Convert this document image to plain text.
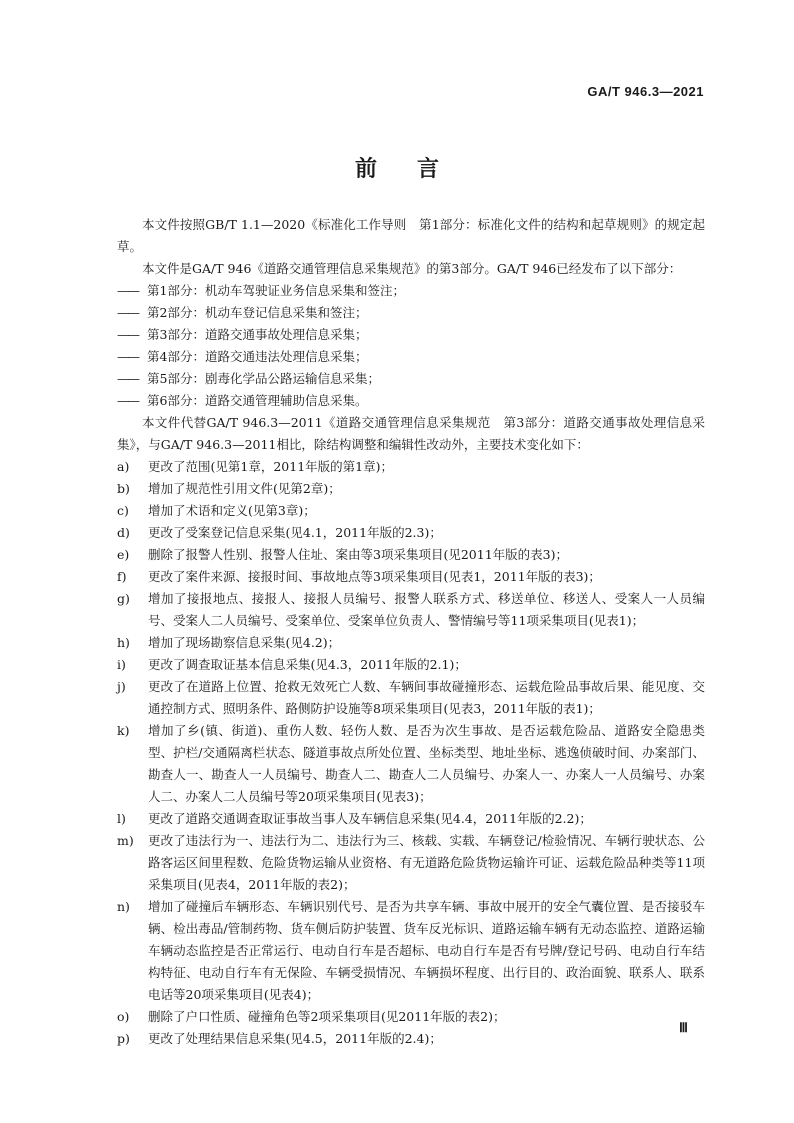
GA/T 946.3—2021
前言

本文件按照GB/T 1.1—2020《标准化工作导则　第1部分：标准化文件的结构和起草规则》的规定起草。

本文件是GA/T 946《道路交通管理信息采集规范》的第3部分。GA/T 946已经发布了以下部分：

—— 第1部分：机动车驾驶证业务信息采集和签注；

—— 第2部分：机动车登记信息采集和签注；

—— 第3部分：道路交通事故处理信息采集；

—— 第4部分：道路交通违法处理信息采集；

—— 第5部分：剧毒化学品公路运输信息采集；

—— 第6部分：道路交通管理辅助信息采集。

本文件代替GA/T 946.3—2011《道路交通管理信息采集规范　第3部分：道路交通事故处理信息采集》，与GA/T 946.3—2011相比，除结构调整和编辑性改动外，主要技术变化如下：

a)	更改了范围(见第1章，2011年版的第1章)；
b)	增加了规范性引用文件(见第2章)；
c)	增加了术语和定义(见第3章)；
d)	更改了受案登记信息采集(见4.1，2011年版的2.3)；
e)	删除了报警人性别、报警人住址、案由等3项采集项目(见2011年版的表3)；
f)	更改了案件来源、接报时间、事故地点等3项采集项目(见表1，2011年版的表3)；
g)	增加了接报地点、接报人、接报人员编号、报警人联系方式、移送单位、移送人、受案人一人员编号、受案人二人员编号、受案单位、受案单位负责人、警情编号等11项采集项目(见表1)；
h)	增加了现场勘察信息采集(见4.2)；
i)	更改了调查取证基本信息采集(见4.3，2011年版的2.1)；
j)	更改了在道路上位置、抢救无效死亡人数、车辆间事故碰撞形态、运载危险品事故后果、能见度、交通控制方式、照明条件、路侧防护设施等8项采集项目(见表3，2011年版的表1)；
k)	增加了乡(镇、街道)、重伤人数、轻伤人数、是否为次生事故、是否运载危险品、道路安全隐患类型、护栏/交通隔离栏状态、隧道事故点所处位置、坐标类型、地址坐标、逃逸侦破时间、办案部门、勘查人一、勘查人一人员编号、勘查人二、勘查人二人员编号、办案人一、办案人一人员编号、办案人二、办案人二人员编号等20项采集项目(见表3)；
l)	更改了道路交通调查取证事故当事人及车辆信息采集(见4.4，2011年版的2.2)；
m)	更改了违法行为一、违法行为二、违法行为三、核载、实载、车辆登记/检验情况、车辆行驶状态、公路客运区间里程数、危险货物运输从业资格、有无道路危险货物运输许可证、运载危险品种类等11项采集项目(见表4，2011年版的表2)；
n)	增加了碰撞后车辆形态、车辆识别代号、是否为共享车辆、事故中展开的安全气囊位置、是否接驳车辆、检出毒品/管制药物、货车侧后防护装置、货车反光标识、道路运输车辆有无动态监控、道路运输车辆动态监控是否正常运行、电动自行车是否超标、电动自行车是否有号牌/登记号码、电动自行车结构特征、电动自行车有无保险、车辆受损情况、车辆损坏程度、出行目的、政治面貌、联系人、联系电话等20项采集项目(见表4)；
o)	删除了户口性质、碰撞角色等2项采集项目(见2011年版的表2)；
p)	更改了处理结果信息采集(见4.5，2011年版的2.4)；
Ⅲ
